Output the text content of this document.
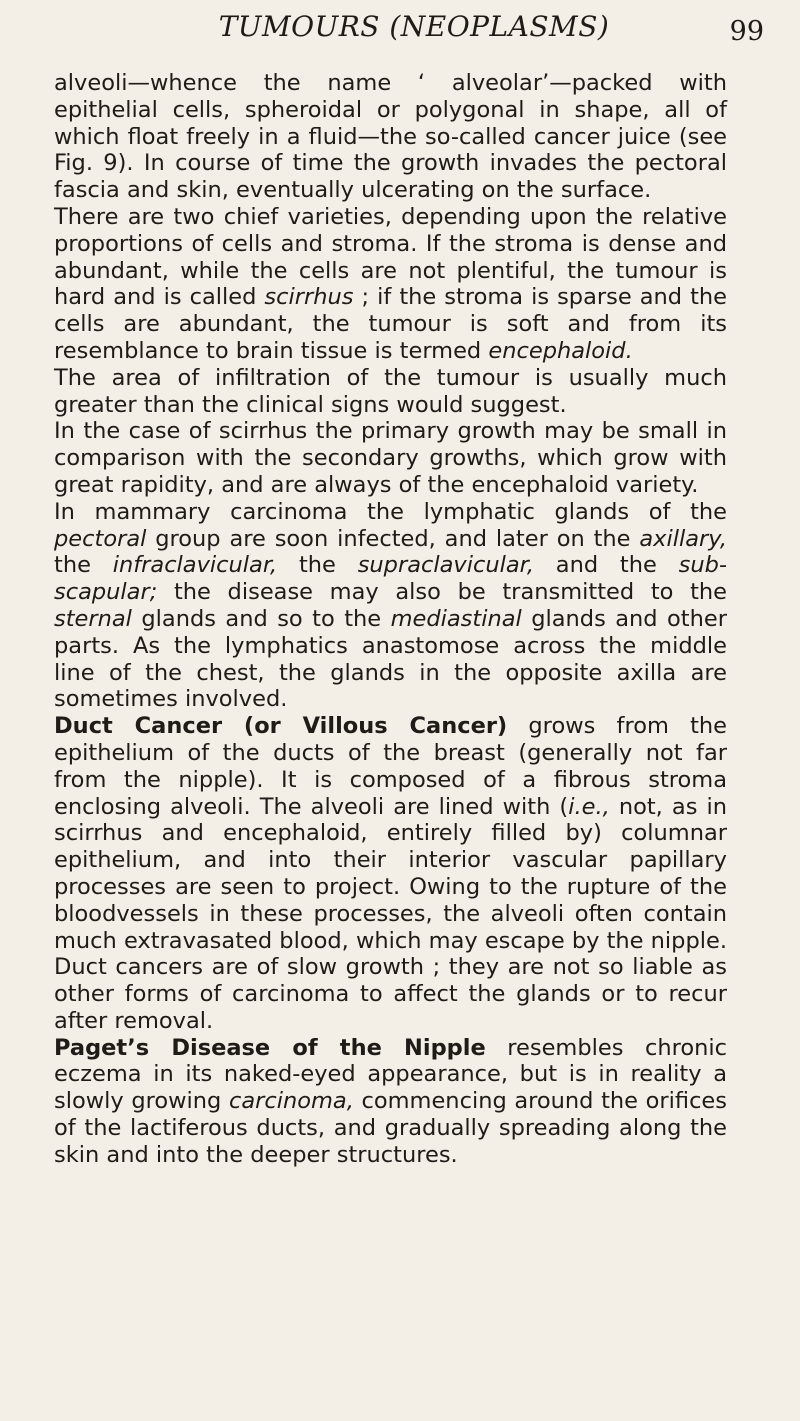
TUMOURS (NEOPLASMS)	99

alveoli—whence the name ‘ alveolar’—packed with epithelial cells, spheroidal or polygonal in shape, all of which float freely in a fluid—the so-called cancer juice (see Fig. 9). In course of time the growth invades the pectoral fascia and skin, eventually ulcerating on the surface.

There are two chief varieties, depending upon the relative proportions of cells and stroma. If the stroma is dense and abundant, while the cells are not plentiful, the tumour is hard and is called scirrhus ; if the stroma is sparse and the cells are abundant, the tumour is soft and from its resemblance to brain tissue is termed encephaloid.

The area of infiltration of the tumour is usually much greater than the clinical signs would suggest.

In the case of scirrhus the primary growth may be small in comparison with the secondary growths, which grow with great rapidity, and are always of the encephaloid variety.

In mammary carcinoma the lymphatic glands of the pectoral group are soon infected, and later on the axillary, the infraclavicular, the supraclavicular, and the sub-scapular; the disease may also be transmitted to the sternal glands and so to the mediastinal glands and other parts. As the lymphatics anastomose across the middle line of the chest, the glands in the opposite axilla are sometimes involved.

Duct Cancer (or Villous Cancer) grows from the epithelium of the ducts of the breast (generally not far from the nipple). It is composed of a fibrous stroma enclosing alveoli. The alveoli are lined with (i.e., not, as in scirrhus and encephaloid, entirely filled by) columnar epithelium, and into their interior vascular papillary processes are seen to project. Owing to the rupture of the bloodvessels in these processes, the alveoli often contain much extravasated blood, which may escape by the nipple.

Duct cancers are of slow growth ; they are not so liable as other forms of carcinoma to affect the glands or to recur after removal.

Paget’s Disease of the Nipple resembles chronic eczema in its naked-eyed appearance, but is in reality a slowly growing carcinoma, commencing around the orifices of the lactiferous ducts, and gradually spreading along the skin and into the deeper structures.
